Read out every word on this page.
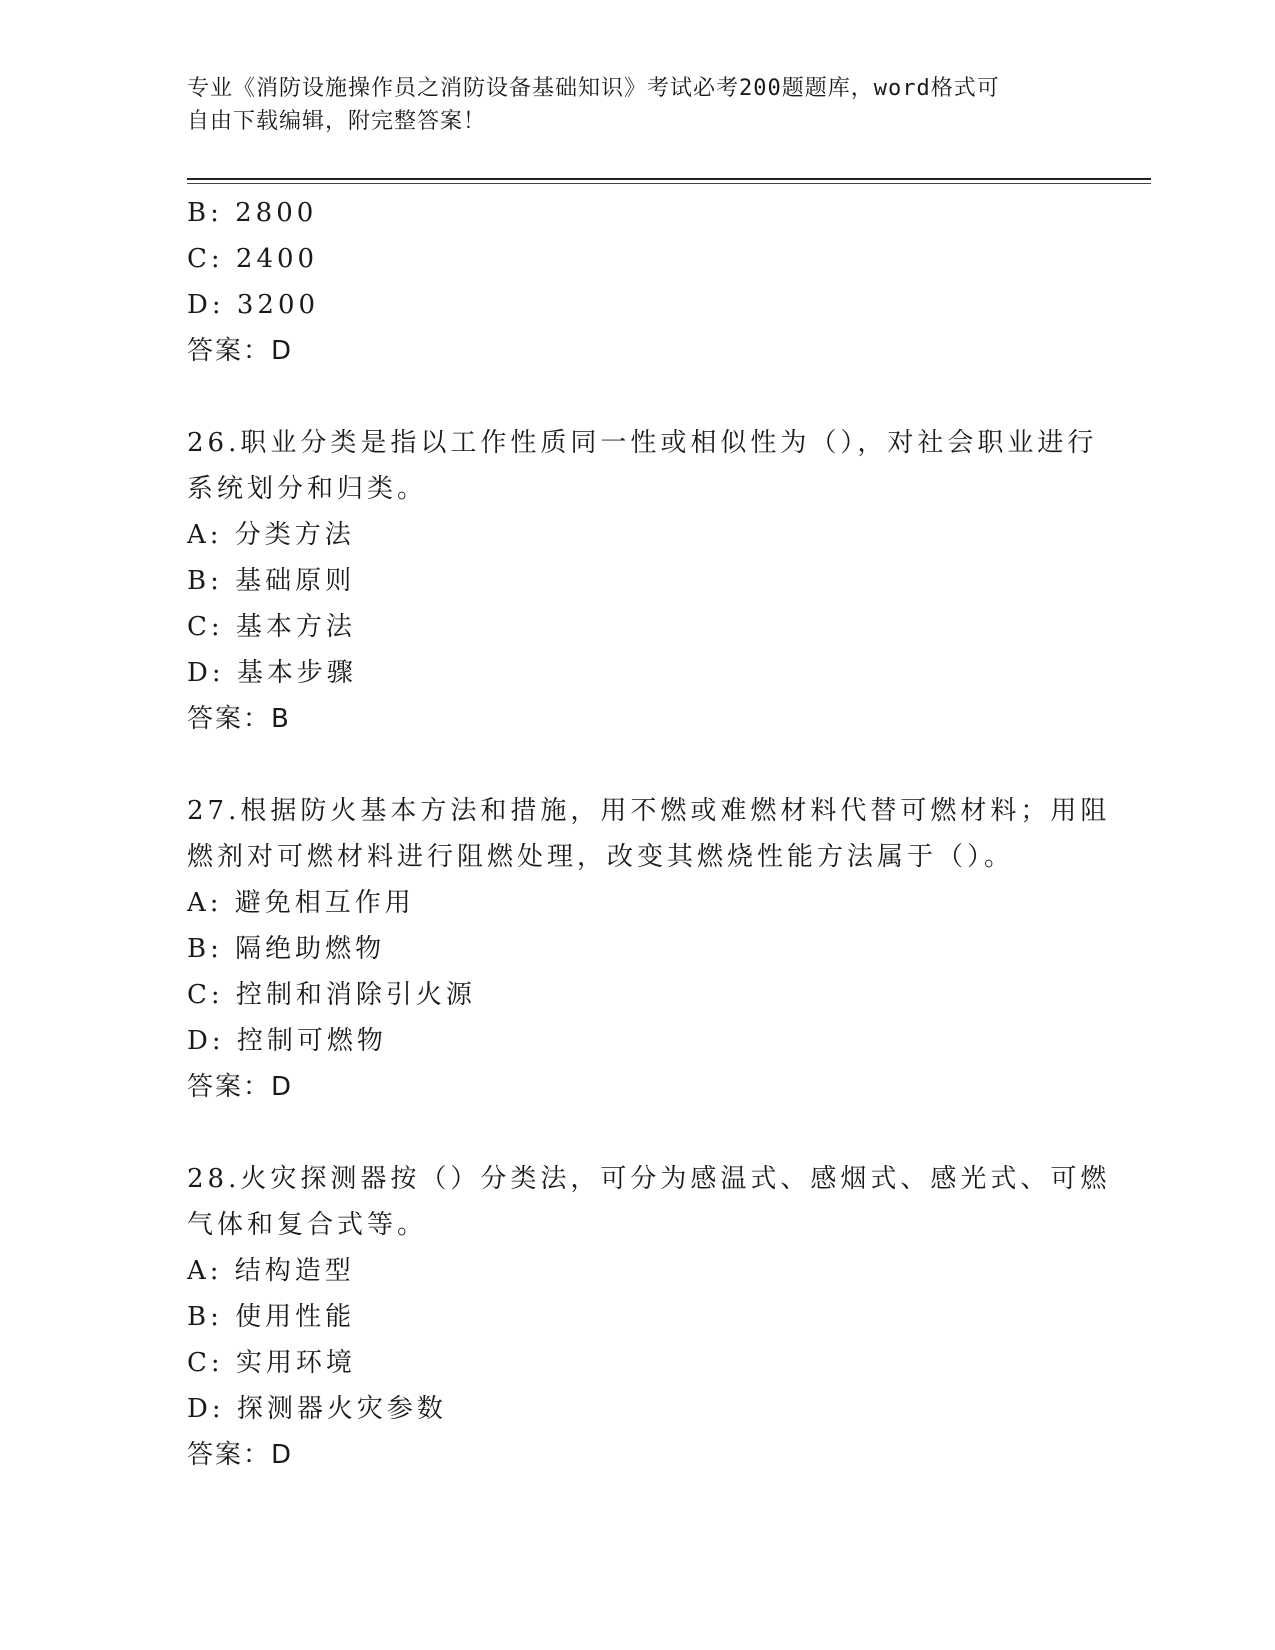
专业《消防设施操作员之消防设备基础知识》考试必考200题题库，word格式可
自由下载编辑，附完整答案！
B: 2800
C: 2400
D: 3200
答案：D
26.职业分类是指以工作性质同一性或相似性为（），对社会职业进行
系统划分和归类。
A: 分类方法
B: 基础原则
C: 基本方法
D: 基本步骤
答案：B
27.根据防火基本方法和措施，用不燃或难燃材料代替可燃材料；用阻
燃剂对可燃材料进行阻燃处理，改变其燃烧性能方法属于（）。
A: 避免相互作用
B: 隔绝助燃物
C: 控制和消除引火源
D: 控制可燃物
答案：D
28.火灾探测器按（）分类法，可分为感温式、感烟式、感光式、可燃
气体和复合式等。
A: 结构造型
B: 使用性能
C: 实用环境
D: 探测器火灾参数
答案：D
